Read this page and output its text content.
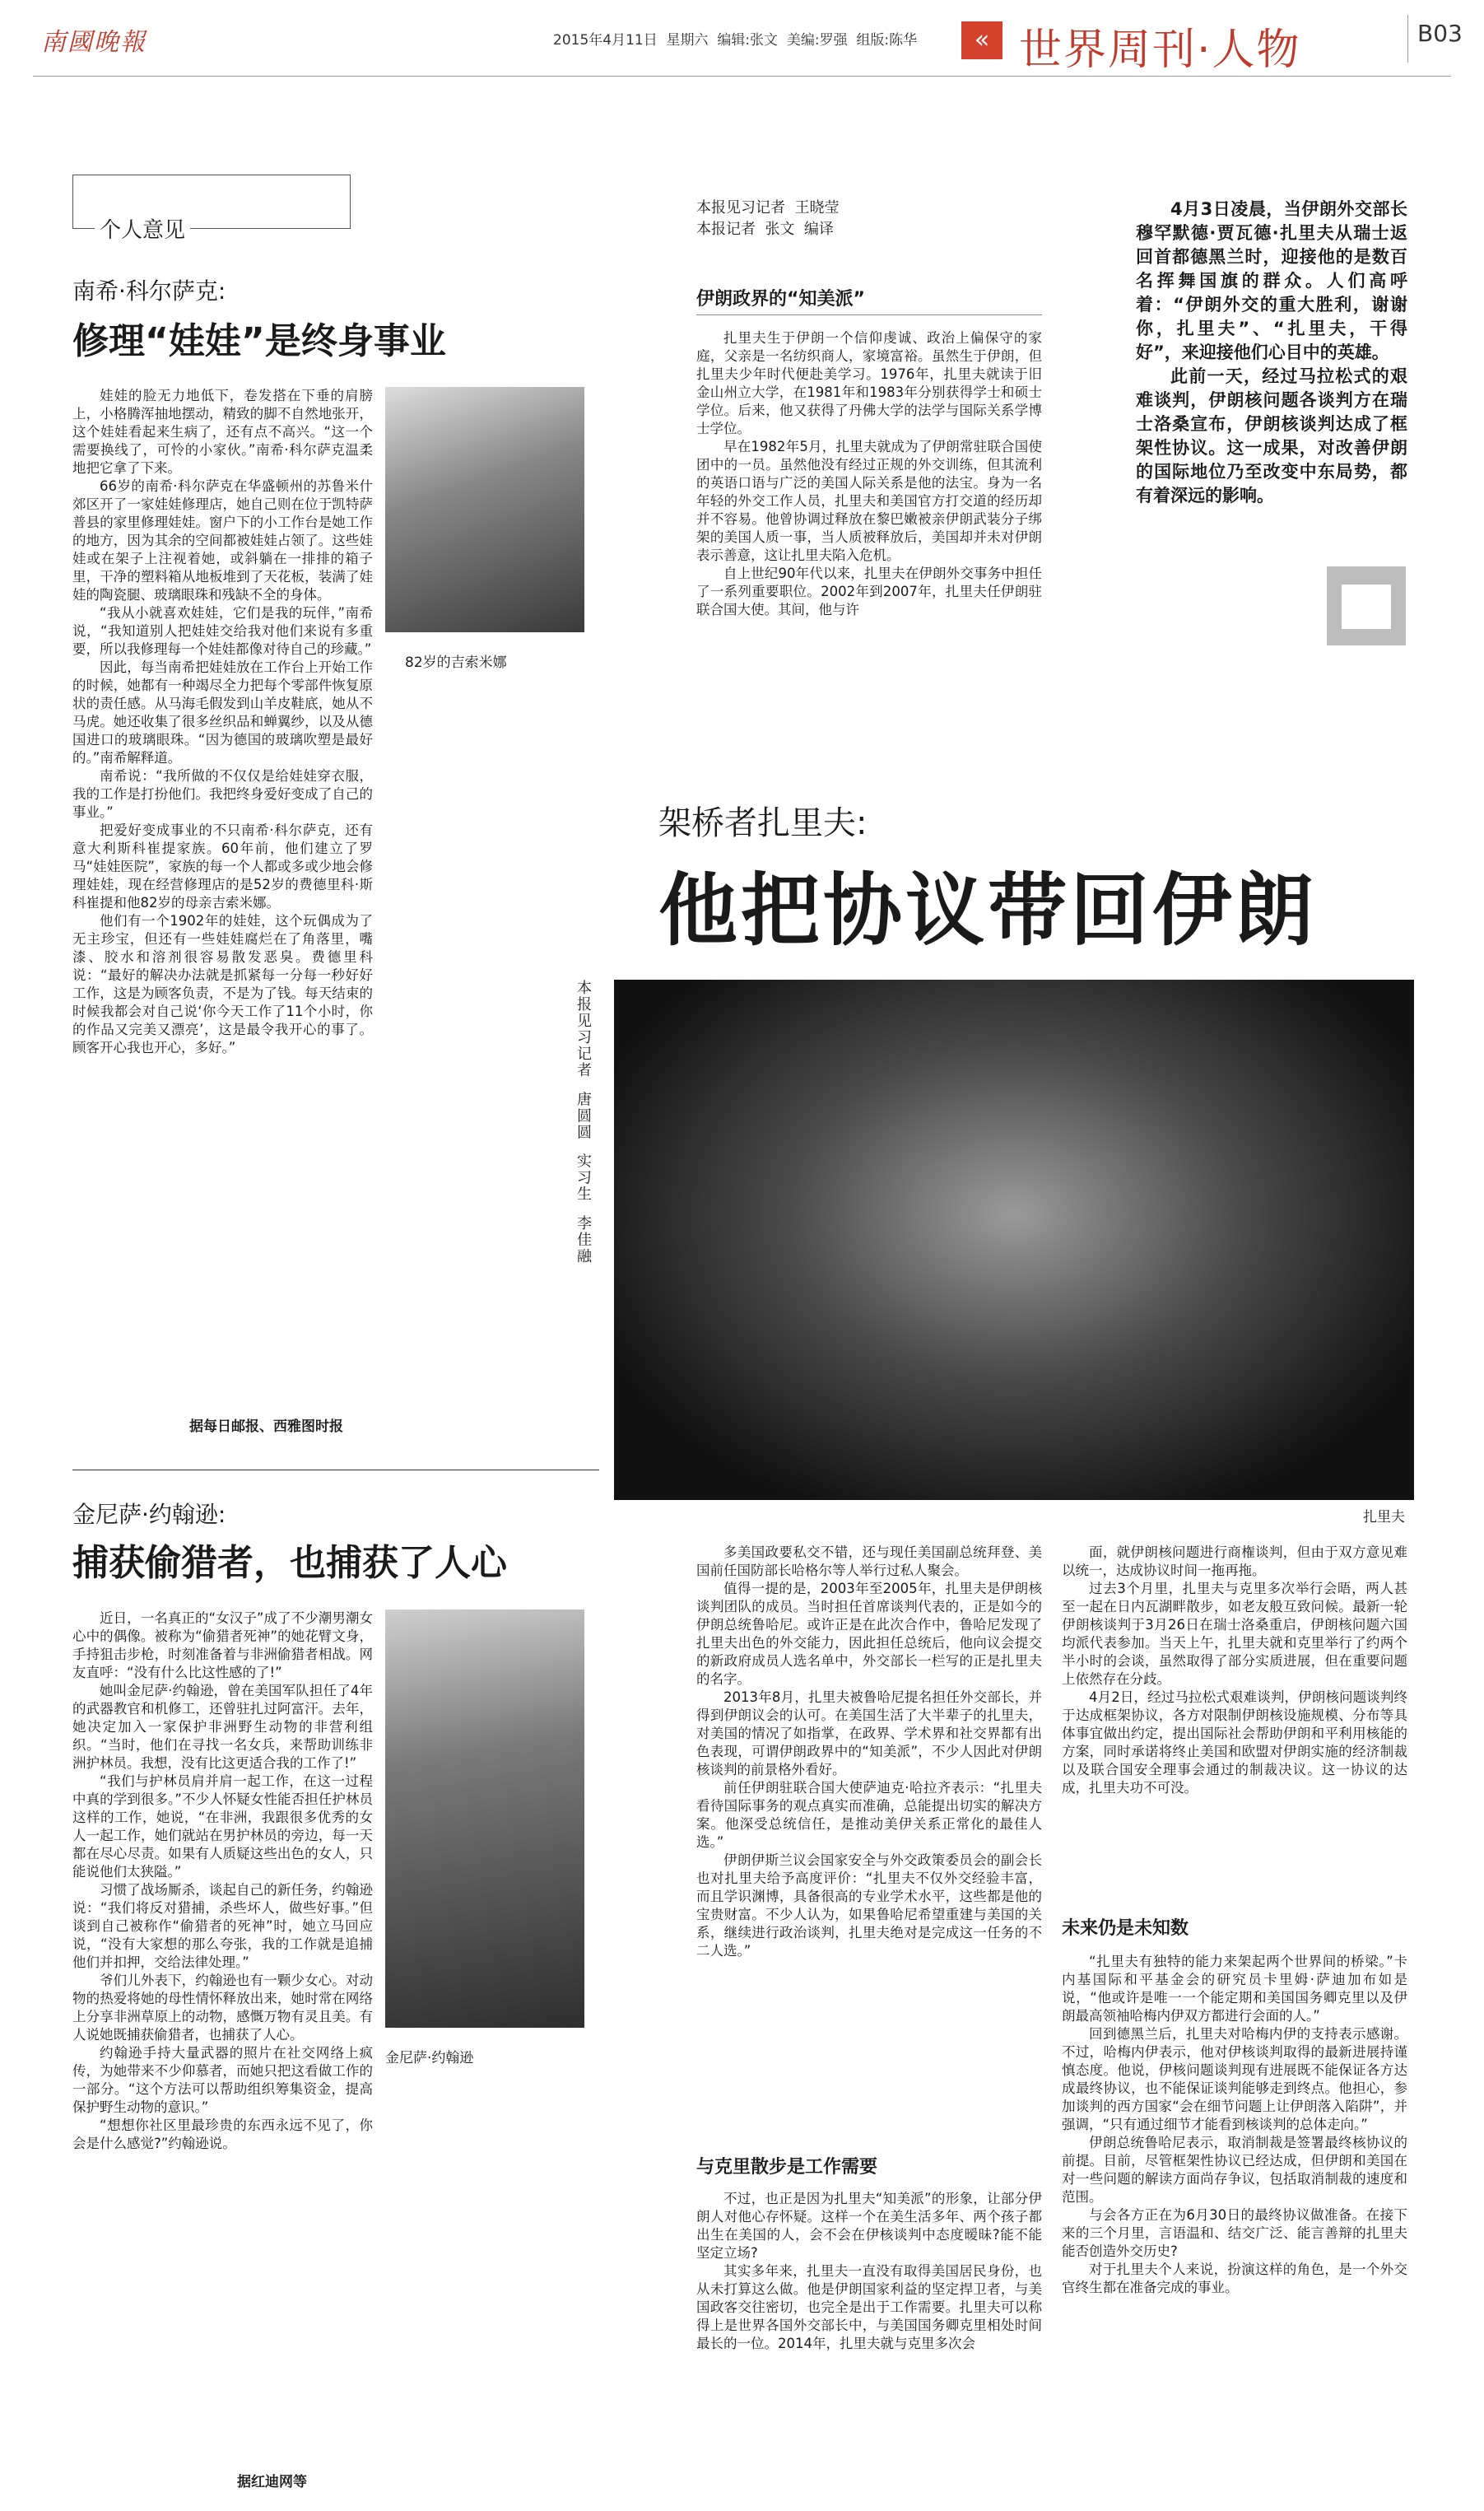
南國晚報	2015年4月11日  星期六  编辑:张文  美编:罗强  组版:陈华	« 世界周刊·人物	B03
个人意见
南希·科尔萨克:
修理“娃娃”是终身事业

娃娃的脸无力地低下，卷发搭在下垂的肩膀上，小格腾浑抽地摆动，精致的脚不自然地张开，这个娃娃看起来生病了，还有点不高兴。“这一个需要换线了，可怜的小家伙。”南希·科尔萨克温柔地把它拿了下来。

66岁的南希·科尔萨克在华盛顿州的苏鲁米什郊区开了一家娃娃修理店，她自己则在位于凯特萨普县的家里修理娃娃。窗户下的小工作台是她工作的地方，因为其余的空间都被娃娃占领了。这些娃娃或在架子上注视着她，或斜躺在一排排的箱子里，干净的塑料箱从地板堆到了天花板，装满了娃娃的陶瓷腿、玻璃眼珠和残缺不全的身体。

“我从小就喜欢娃娃，它们是我的玩伴，”南希说，“我知道别人把娃娃交给我对他们来说有多重要，所以我修理每一个娃娃都像对待自己的珍藏。”

因此，每当南希把娃娃放在工作台上开始工作的时候，她都有一种竭尽全力把每个零部件恢复原状的责任感。从马海毛假发到山羊皮鞋底，她从不马虎。她还收集了很多丝织品和蝉翼纱，以及从德国进口的玻璃眼珠。“因为德国的玻璃吹塑是最好的。”南希解释道。

南希说：“我所做的不仅仅是给娃娃穿衣服，我的工作是打扮他们。我把终身爱好变成了自己的事业。”

把爱好变成事业的不只南希·科尔萨克，还有意大利斯科崔提家族。60年前，他们建立了罗马“娃娃医院”，家族的每一个人都或多或少地会修理娃娃，现在经营修理店的是52岁的费德里科·斯科崔提和他82岁的母亲吉索米娜。

他们有一个1902年的娃娃，这个玩偶成为了无主珍宝，但还有一些娃娃腐烂在了角落里，嘴漆、胶水和溶剂很容易散发恶臭。费德里科说：“最好的解决办法就是抓紧每一分每一秒好好工作，这是为顾客负责，不是为了钱。每天结束的时候我都会对自己说‘你今天工作了11个小时，你的作品又完美又漂亮’，这是最令我开心的事了。顾客开心我也开心，多好。”

82岁的吉索米娜
据每日邮报、西雅图时报
本报见习记者  唐圆圆  实习生  李佳融
金尼萨·约翰逊:
捕获偷猎者，也捕获了人心

近日，一名真正的“女汉子”成了不少潮男潮女心中的偶像。被称为“偷猎者死神”的她花臂文身，手持狙击步枪，时刻准备着与非洲偷猎者相战。网友直呼：“没有什么比这性感的了!”

她叫金尼萨·约翰逊，曾在美国军队担任了4年的武器教官和机修工，还曾驻扎过阿富汗。去年，她决定加入一家保护非洲野生动物的非营利组织。“当时，他们在寻找一名女兵，来帮助训练非洲护林员。我想，没有比这更适合我的工作了!”

“我们与护林员肩并肩一起工作，在这一过程中真的学到很多。”不少人怀疑女性能否担任护林员这样的工作，她说，“在非洲，我跟很多优秀的女人一起工作，她们就站在男护林员的旁边，每一天都在尽心尽责。如果有人质疑这些出色的女人，只能说他们太狭隘。”

习惯了战场厮杀，谈起自己的新任务，约翰逊说：“我们将反对猎捕，杀些坏人，做些好事。”但谈到自己被称作“偷猎者的死神”时，她立马回应说，“没有大家想的那么夸张，我的工作就是追捕他们并扣押，交给法律处理。”

爷们儿外表下，约翰逊也有一颗少女心。对动物的热爱将她的母性情怀释放出来，她时常在网络上分享非洲草原上的动物，感慨万物有灵且美。有人说她既捕获偷猎者，也捕获了人心。

约翰逊手持大量武器的照片在社交网络上疯传，为她带来不少仰慕者，而她只把这看做工作的一部分。“这个方法可以帮助组织筹集资金，提高保护野生动物的意识。”

“想想你社区里最珍贵的东西永远不见了，你会是什么感觉?”约翰逊说。

金尼萨·约翰逊
据红迪网等
本报见习记者  王晓莹
本报记者  张文  编译

4月3日凌晨，当伊朗外交部长穆罕默德·贾瓦德·扎里夫从瑞士返回首都德黑兰时，迎接他的是数百名挥舞国旗的群众。人们高呼着：“伊朗外交的重大胜利，谢谢你，扎里夫”、“扎里夫，干得好”，来迎接他们心目中的英雄。

此前一天，经过马拉松式的艰难谈判，伊朗核问题各谈判方在瑞士洛桑宣布，伊朗核谈判达成了框架性协议。这一成果，对改善伊朗的国际地位乃至改变中东局势，都有着深远的影响。

伊朗政界的“知美派”

扎里夫生于伊朗一个信仰虔诚、政治上偏保守的家庭，父亲是一名纺织商人，家境富裕。虽然生于伊朗，但扎里夫少年时代便赴美学习。1976年，扎里夫就读于旧金山州立大学，在1981年和1983年分别获得学士和硕士学位。后来，他又获得了丹佛大学的法学与国际关系学博士学位。

早在1982年5月，扎里夫就成为了伊朗常驻联合国使团中的一员。虽然他没有经过正规的外交训练，但其流利的英语口语与广泛的美国人际关系是他的法宝。身为一名年轻的外交工作人员，扎里夫和美国官方打交道的经历却并不容易。他曾协调过释放在黎巴嫩被亲伊朗武装分子绑架的美国人质一事，当人质被释放后，美国却并未对伊朗表示善意，这让扎里夫陷入危机。

自上世纪90年代以来，扎里夫在伊朗外交事务中担任了一系列重要职位。2002年到2007年，扎里夫任伊朗驻联合国大使。其间，他与许

架桥者扎里夫:
他把协议带回伊朗
扎里夫

多美国政要私交不错，还与现任美国副总统拜登、美国前任国防部长哈格尔等人举行过私人聚会。

值得一提的是，2003年至2005年，扎里夫是伊朗核谈判团队的成员。当时担任首席谈判代表的，正是如今的伊朗总统鲁哈尼。或许正是在此次合作中，鲁哈尼发现了扎里夫出色的外交能力，因此担任总统后，他向议会提交的新政府成员人选名单中，外交部长一栏写的正是扎里夫的名字。

2013年8月，扎里夫被鲁哈尼提名担任外交部长，并得到伊朗议会的认可。在美国生活了大半辈子的扎里夫，对美国的情况了如指掌，在政界、学术界和社交界都有出色表现，可谓伊朗政界中的“知美派”，不少人因此对伊朗核谈判的前景格外看好。

前任伊朗驻联合国大使萨迪克·哈拉齐表示：“扎里夫看待国际事务的观点真实而准确，总能提出切实的解决方案。他深受总统信任，是推动美伊关系正常化的最佳人选。”

伊朗伊斯兰议会国家安全与外交政策委员会的副会长也对扎里夫给予高度评价：“扎里夫不仅外交经验丰富，而且学识渊博，具备很高的专业学术水平，这些都是他的宝贵财富。不少人认为，如果鲁哈尼希望重建与美国的关系，继续进行政治谈判，扎里夫绝对是完成这一任务的不二人选。”

与克里散步是工作需要

不过，也正是因为扎里夫“知美派”的形象，让部分伊朗人对他心存怀疑。这样一个在美生活多年、两个孩子都出生在美国的人，会不会在伊核谈判中态度暧昧?能不能坚定立场?

其实多年来，扎里夫一直没有取得美国居民身份，也从未打算这么做。他是伊朗国家利益的坚定捍卫者，与美国政客交往密切，也完全是出于工作需要。扎里夫可以称得上是世界各国外交部长中，与美国国务卿克里相处时间最长的一位。2014年，扎里夫就与克里多次会

面，就伊朗核问题进行商権谈判，但由于双方意见难以统一，达成协议时间一拖再拖。

过去3个月里，扎里夫与克里多次举行会晤，两人甚至一起在日内瓦湖畔散步，如老友般互致问候。最新一轮伊朗核谈判于3月26日在瑞士洛桑重启，伊朗核问题六国均派代表参加。当天上午，扎里夫就和克里举行了约两个半小时的会谈，虽然取得了部分实质进展，但在重要问题上依然存在分歧。

4月2日，经过马拉松式艰难谈判，伊朗核问题谈判终于达成框架协议，各方对限制伊朗核设施规模、分布等具体事宜做出约定，提出国际社会帮助伊朗和平利用核能的方案，同时承诺将终止美国和欧盟对伊朗实施的经济制裁以及联合国安全理事会通过的制裁决议。这一协议的达成，扎里夫功不可没。

未来仍是未知数

“扎里夫有独特的能力来架起两个世界间的桥梁。”卡内基国际和平基金会的研究员卡里姆·萨迪加布如是说，“他或许是唯一一个能定期和美国国务卿克里以及伊朗最高领袖哈梅内伊双方都进行会面的人。”

回到德黑兰后，扎里夫对哈梅内伊的支持表示感谢。不过，哈梅内伊表示，他对伊核谈判取得的最新进展持谨慎态度。他说，伊核问题谈判现有进展既不能保证各方达成最终协议，也不能保证谈判能够走到终点。他担心，参加谈判的西方国家“会在细节问题上让伊朗落入陷阱”，并强调，“只有通过细节才能看到核谈判的总体走向。”

伊朗总统鲁哈尼表示，取消制裁是签署最终核协议的前提。目前，尽管框架性协议已经达成，但伊朗和美国在对一些问题的解读方面尚存争议，包括取消制裁的速度和范围。

与会各方正在为6月30日的最终协议做准备。在接下来的三个月里，言语温和、结交广泛、能言善辩的扎里夫能否创造外交历史?

对于扎里夫个人来说，扮演这样的角色，是一个外交官终生都在准备完成的事业。
